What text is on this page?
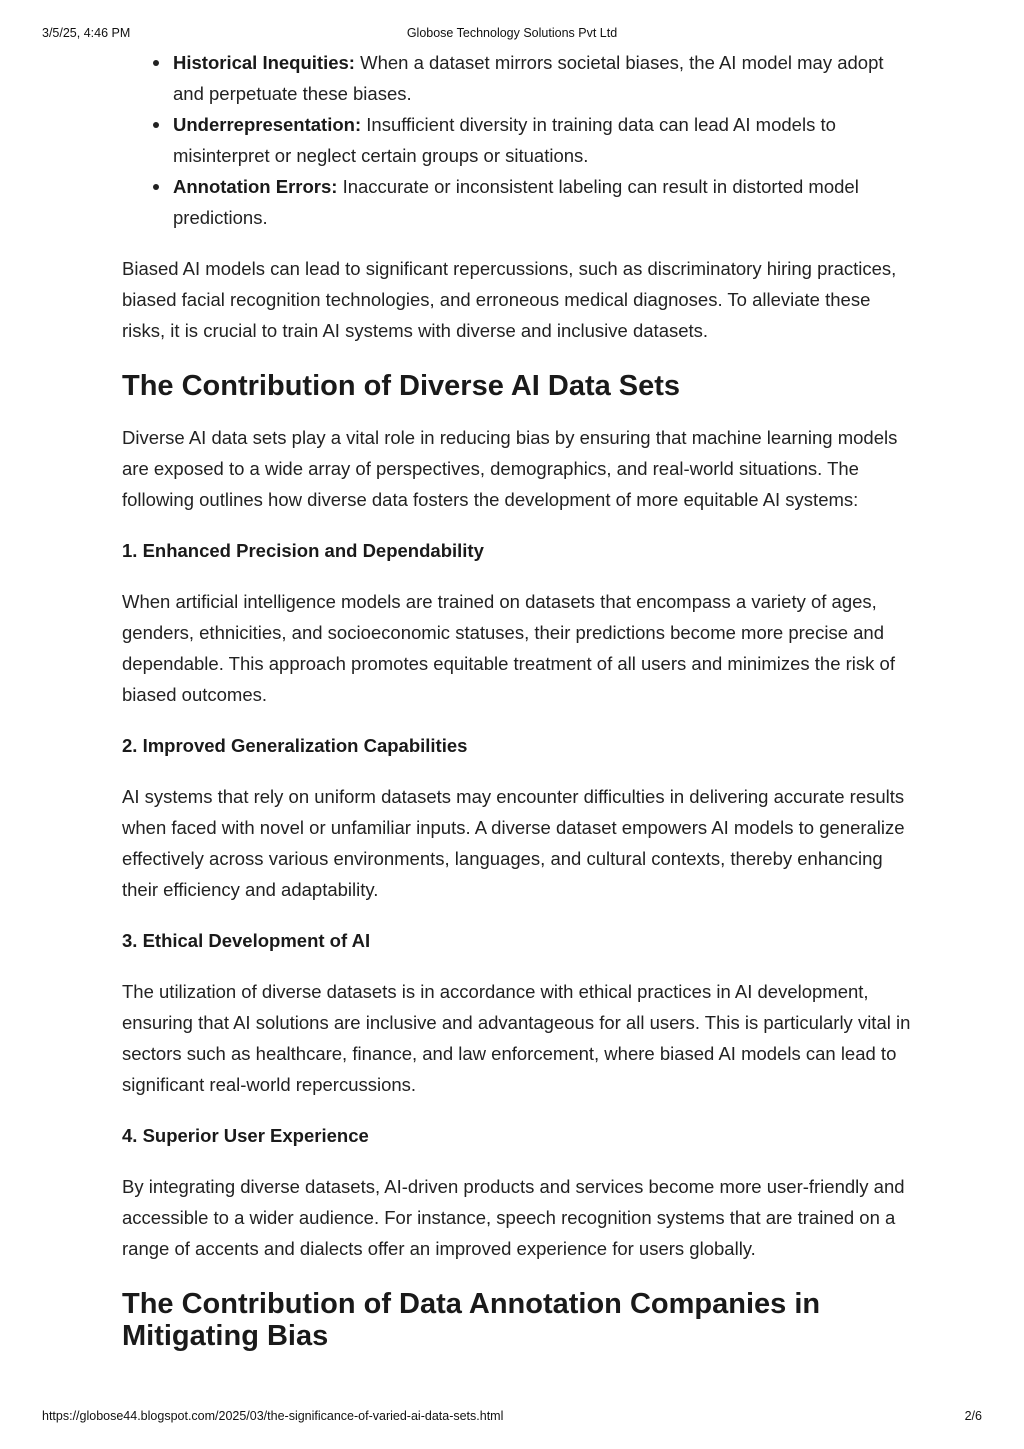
3/5/25, 4:46 PM	Globose Technology Solutions Pvt Ltd
Historical Inequities: When a dataset mirrors societal biases, the AI model may adopt and perpetuate these biases.
Underrepresentation: Insufficient diversity in training data can lead AI models to misinterpret or neglect certain groups or situations.
Annotation Errors: Inaccurate or inconsistent labeling can result in distorted model predictions.

Biased AI models can lead to significant repercussions, such as discriminatory hiring practices, biased facial recognition technologies, and erroneous medical diagnoses. To alleviate these risks, it is crucial to train AI systems with diverse and inclusive datasets.

The Contribution of Diverse AI Data Sets

Diverse AI data sets play a vital role in reducing bias by ensuring that machine learning models are exposed to a wide array of perspectives, demographics, and real-world situations. The following outlines how diverse data fosters the development of more equitable AI systems:

1. Enhanced Precision and Dependability

When artificial intelligence models are trained on datasets that encompass a variety of ages, genders, ethnicities, and socioeconomic statuses, their predictions become more precise and dependable. This approach promotes equitable treatment of all users and minimizes the risk of biased outcomes.

2. Improved Generalization Capabilities

AI systems that rely on uniform datasets may encounter difficulties in delivering accurate results when faced with novel or unfamiliar inputs. A diverse dataset empowers AI models to generalize effectively across various environments, languages, and cultural contexts, thereby enhancing their efficiency and adaptability.

3. Ethical Development of AI

The utilization of diverse datasets is in accordance with ethical practices in AI development, ensuring that AI solutions are inclusive and advantageous for all users. This is particularly vital in sectors such as healthcare, finance, and law enforcement, where biased AI models can lead to significant real-world repercussions.

4. Superior User Experience

By integrating diverse datasets, AI-driven products and services become more user-friendly and accessible to a wider audience. For instance, speech recognition systems that are trained on a range of accents and dialects offer an improved experience for users globally.

The Contribution of Data Annotation Companies in Mitigating Bias
https://globose44.blogspot.com/2025/03/the-significance-of-varied-ai-data-sets.html	2/6
